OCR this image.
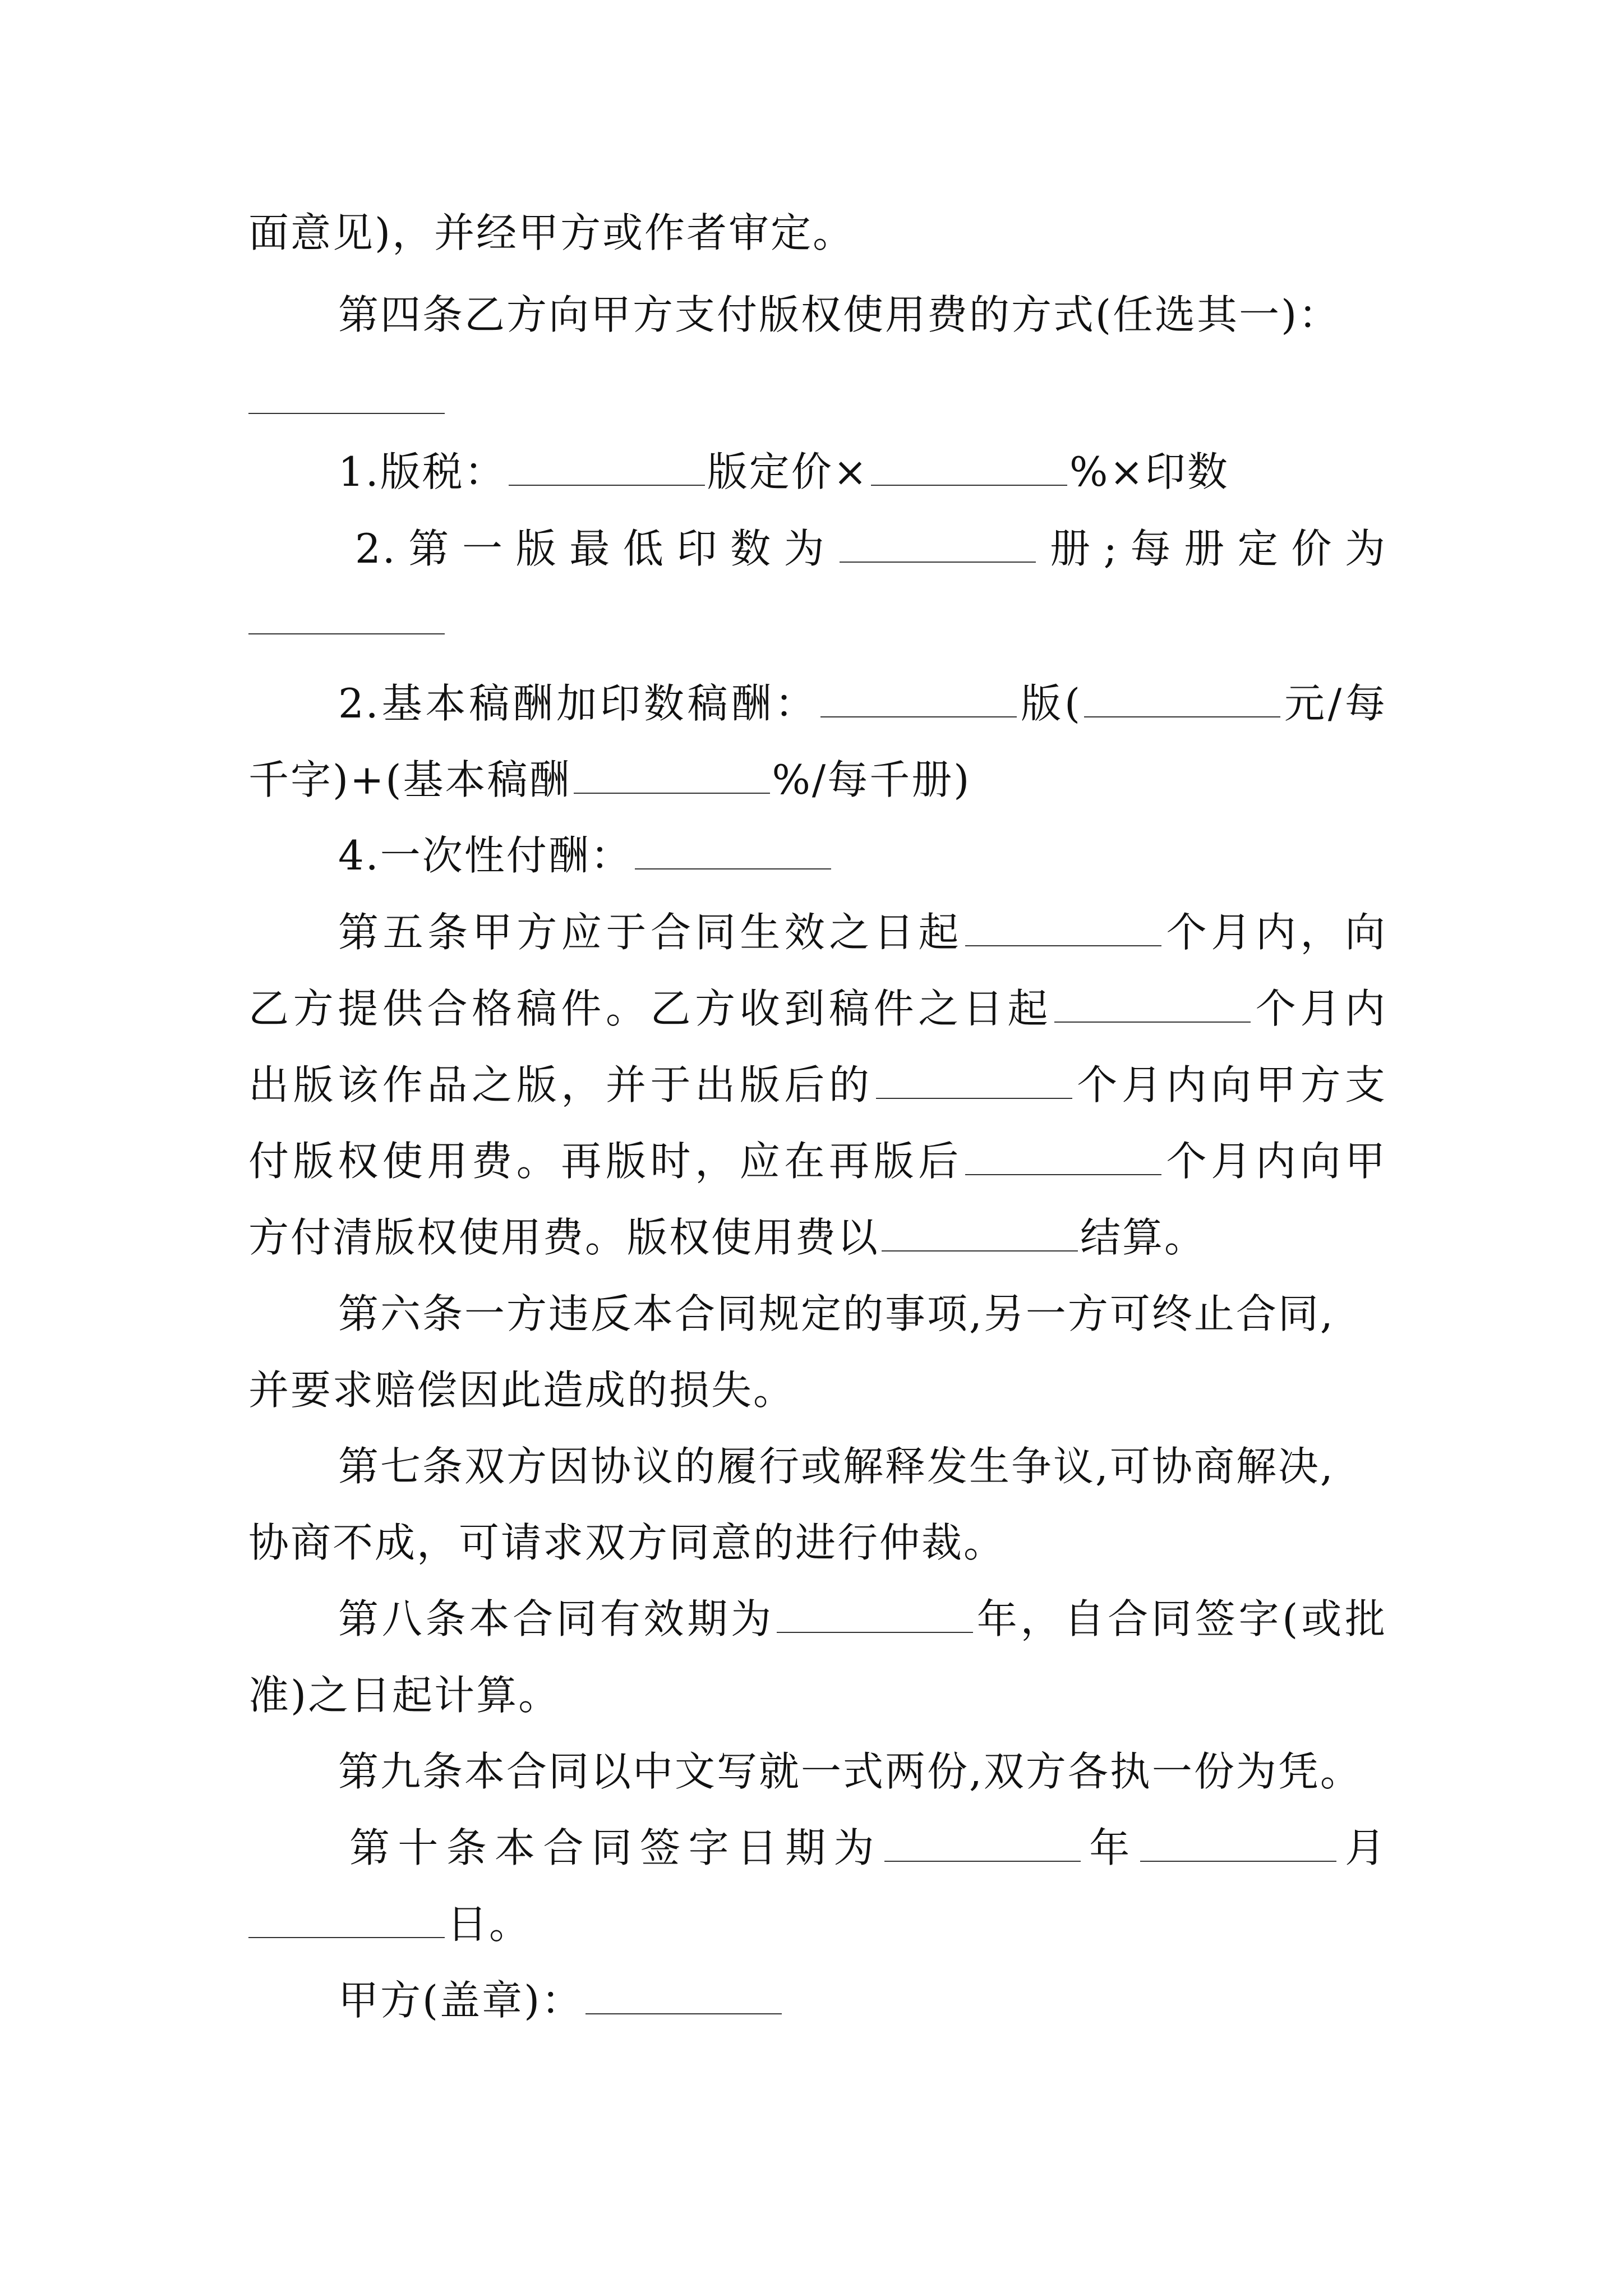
面意见)，并经甲方或作者审定。
第四条乙方向甲方支付版权使用费的方式(任选其一)：
1.版税：	版定价×	%×印数
2.第一版最低印数为	册;每册定价为
2.基本稿酬加印数稿酬：	版(	元/每
千字)+(基本稿酬	%/每千册)
4.一次性付酬：
第五条甲方应于合同生效之日起	个月内，向
乙方提供合格稿件。乙方收到稿件之日起	个月内
出版该作品之版，并于出版后的	个月内向甲方支
付版权使用费。再版时，应在再版后	个月内向甲
方付清版权使用费。版权使用费以	结算。
第六条一方违反本合同规定的事项,另一方可终止合同,
并要求赔偿因此造成的损失。
第七条双方因协议的履行或解释发生争议,可协商解决,
协商不成，可请求双方同意的进行仲裁。
第八条本合同有效期为	年，自合同签字(或批
准)之日起计算。
第九条本合同以中文写就一式两份,双方各执一份为凭。
第十条本合同签字日期为	年	月
日。
甲方(盖章)：
